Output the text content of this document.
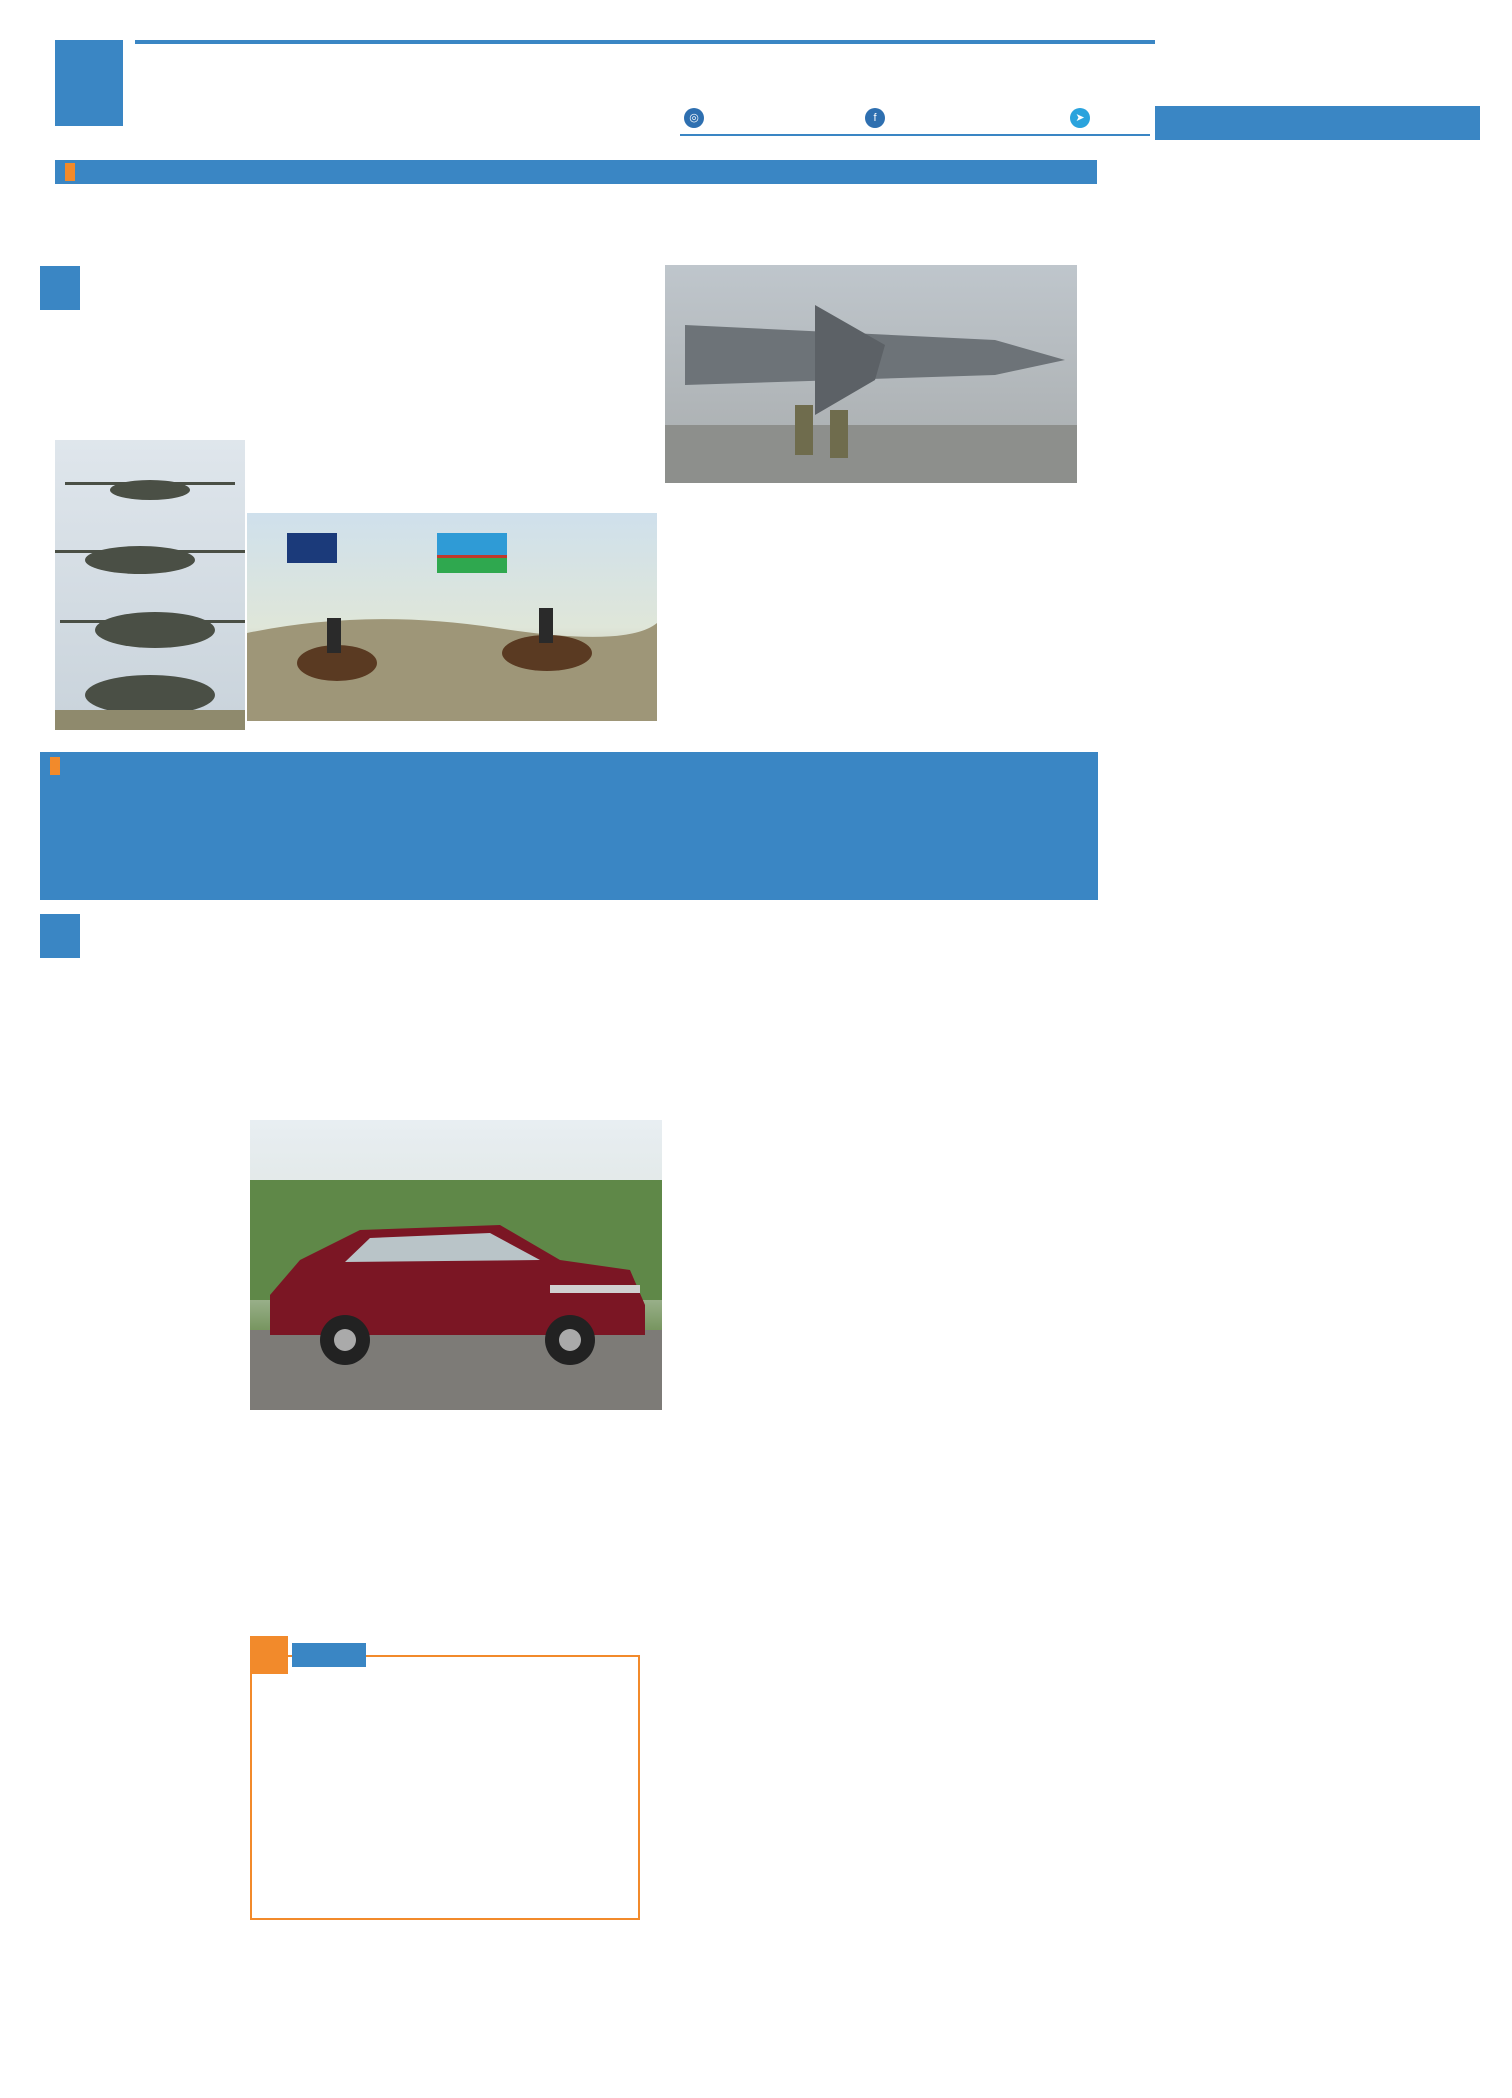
◎	f	➤
